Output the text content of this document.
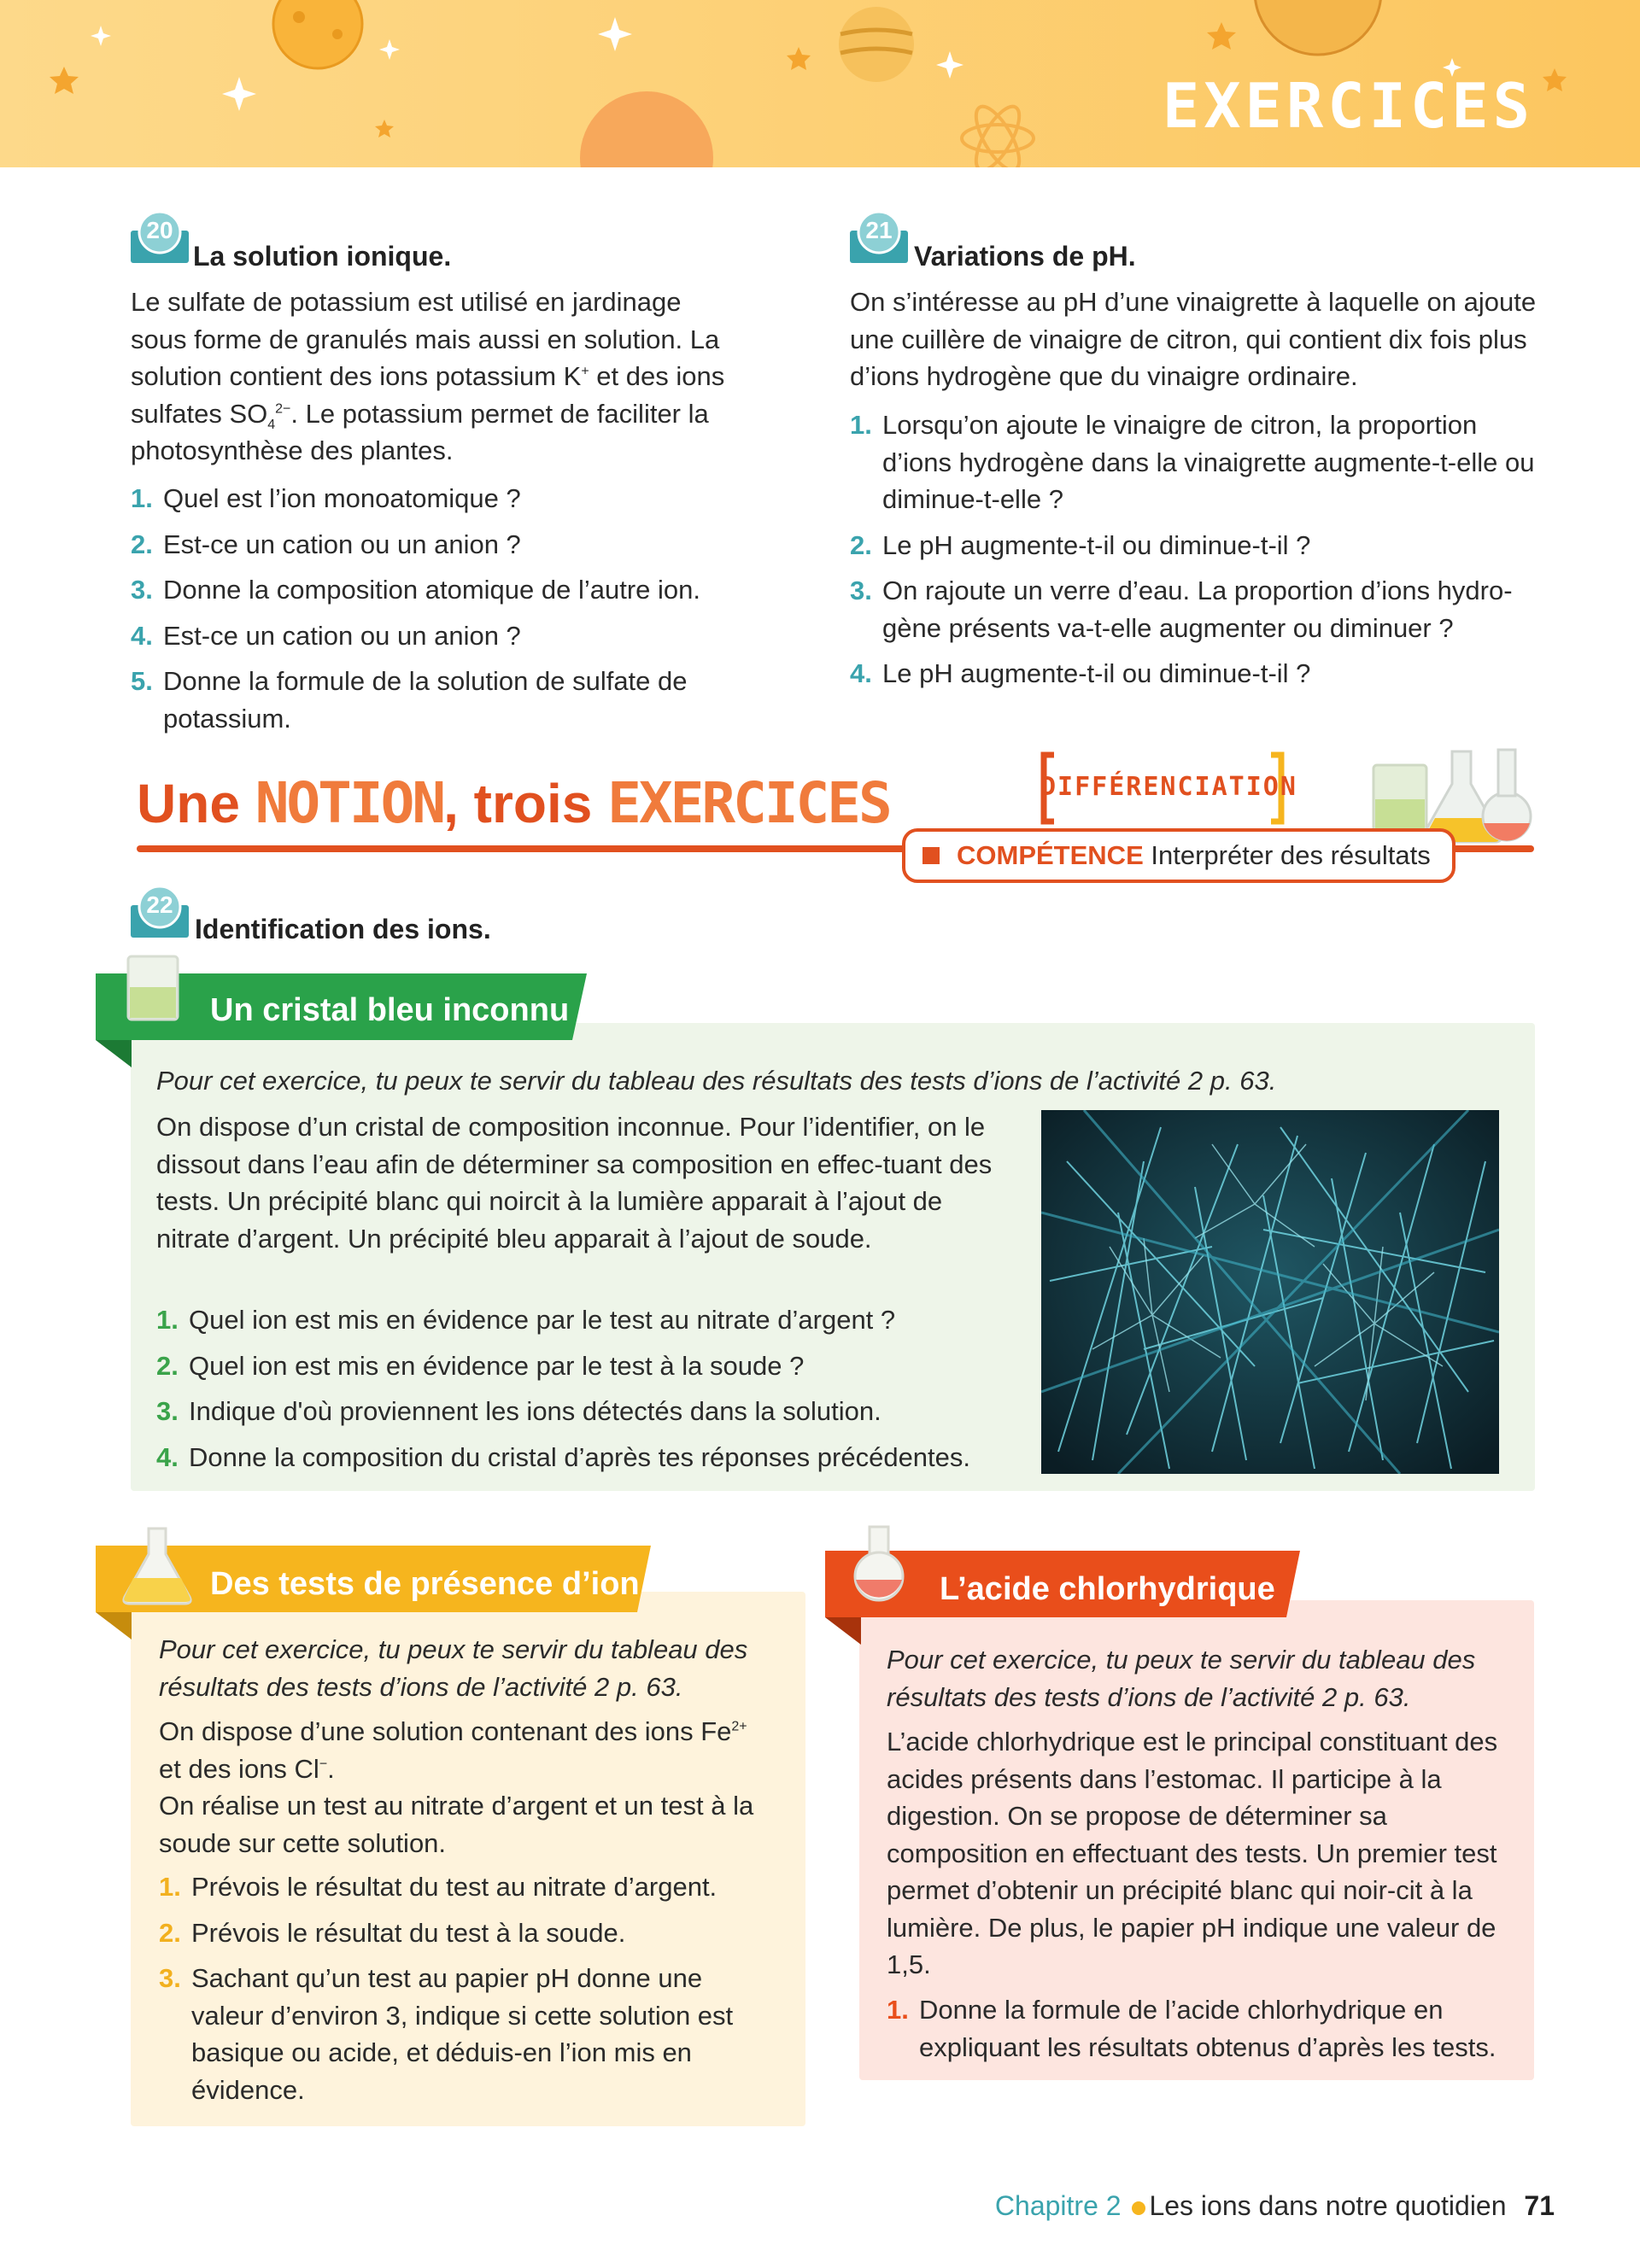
EXERCICES
20
La solution ionique.
Le sulfate de potassium est utilisé en jardinage
sous forme de granulés mais aussi en solution. La
solution contient des ions potassium K+ et des ions
sulfates $SO_4^{2-}$. Le potassium permet de faciliter la
photosynthèse des plantes.
1. Quel est l’ion monoatomique ?
2. Est-ce un cation ou un anion ?
3. Donne la composition atomique de l’autre ion.
4. Est-ce un cation ou un anion ?
5. Donne la formule de la solution de sulfate de potassium.
21
Variations de pH.
On s’intéresse au pH d’une vinaigrette à laquelle on ajoute une cuillère de vinaigre de citron, qui contient dix fois plus d’ions hydrogène que du vinaigre ordinaire.
1. Lorsqu’on ajoute le vinaigre de citron, la proportion d’ions hydrogène dans la vinaigrette augmente-t-elle ou diminue-t-elle ?
2. Le pH augmente-t-il ou diminue-t-il ?
3. On rajoute un verre d’eau. La proportion d’ions hydro-gène présents va-t-elle augmenter ou diminuer ?
4. Le pH augmente-t-il ou diminue-t-il ?
Une NOTION, trois EXERCICES	DIFFÉRENCIATION
COMPÉTENCE Interpréter des résultats
22
Identification des ions.
Un cristal bleu inconnu
Pour cet exercice, tu peux te servir du tableau des résultats des tests d’ions de l’activité 2 p. 63.
On dispose d’un cristal de composition inconnue. Pour l’identifier, on le dissout dans l’eau afin de déterminer sa composition en effec-tuant des tests. Un précipité blanc qui noircit à la lumière apparait à l’ajout de nitrate d’argent. Un précipité bleu apparait à l’ajout de soude.
1. Quel ion est mis en évidence par le test au nitrate d’argent ?
2. Quel ion est mis en évidence par le test à la soude ?
3. Indique d'où proviennent les ions détectés dans la solution.
4. Donne la composition du cristal d’après tes réponses précédentes.
Des tests de présence d’ion
Pour cet exercice, tu peux te servir du tableau des résultats des tests d’ions de l’activité 2 p. 63.
On dispose d’une solution contenant des ions $Fe^{2+}$
et des ions Cl−.
On réalise un test au nitrate d’argent et un test à la soude sur cette solution.
1. Prévois le résultat du test au nitrate d’argent.
2. Prévois le résultat du test à la soude.
3. Sachant qu’un test au papier pH donne une valeur d’environ 3, indique si cette solution est basique ou acide, et déduis-en l’ion mis en évidence.
L’acide chlorhydrique
Pour cet exercice, tu peux te servir du tableau des résultats des tests d’ions de l’activité 2 p. 63.
L’acide chlorhydrique est le principal constituant des acides présents dans l’estomac. Il participe à la digestion. On se propose de déterminer sa composition en effectuant des tests. Un premier test permet d’obtenir un précipité blanc qui noir-cit à la lumière. De plus, le papier pH indique une valeur de 1,5.
1. Donne la formule de l’acide chlorhydrique en expliquant les résultats obtenus d’après les tests.
Chapitre 2 Les ions dans notre quotidien 71
